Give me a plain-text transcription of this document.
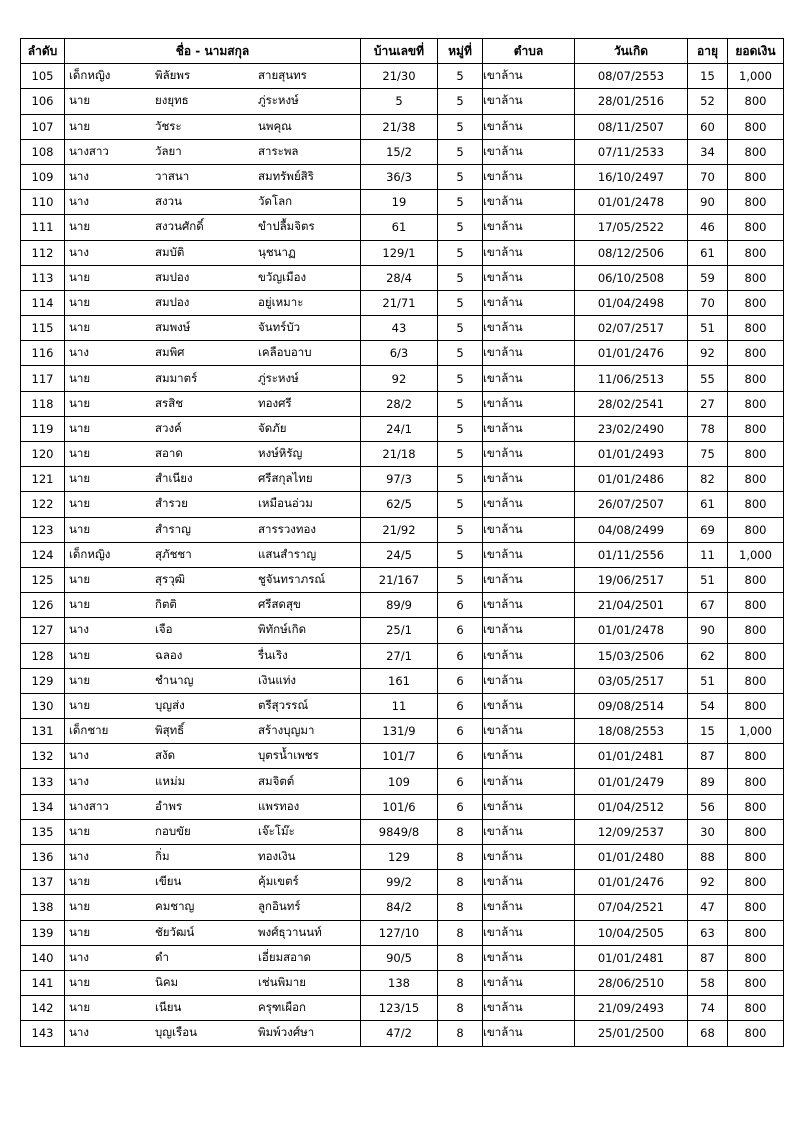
ลำดับ	ชื่อ - นามสกุล	บ้านเลขที่	หมู่ที่	ตำบล	วันเกิด	อายุ	ยอดเงิน
105	เด็กหญิง พิลัยพร สายสุนทร	21/30	5	เขาล้าน	08/07/2553	15	1,000
106	นาย ยงยุทธ ภู่ระหงษ์	5	5	เขาล้าน	28/01/2516	52	800
107	นาย วัชระ นพคุณ	21/38	5	เขาล้าน	08/11/2507	60	800
108	นางสาว วัลยา สาระพล	15/2	5	เขาล้าน	07/11/2533	34	800
109	นาง วาสนา สมทรัพย์สิริ	36/3	5	เขาล้าน	16/10/2497	70	800
110	นาง สงวน วัดโลก	19	5	เขาล้าน	01/01/2478	90	800
111	นาย สงวนศักดิ์ ขำปลื้มจิตร	61	5	เขาล้าน	17/05/2522	46	800
112	นาง สมบัติ นุชนาฏ	129/1	5	เขาล้าน	08/12/2506	61	800
113	นาย สมปอง ขวัญเมือง	28/4	5	เขาล้าน	06/10/2508	59	800
114	นาย สมปอง อยู่เหมาะ	21/71	5	เขาล้าน	01/04/2498	70	800
115	นาย สมพงษ์ จันทร์บัว	43	5	เขาล้าน	02/07/2517	51	800
116	นาง สมพิศ เคลือบอาบ	6/3	5	เขาล้าน	01/01/2476	92	800
117	นาย สมมาตร์ ภู่ระหงษ์	92	5	เขาล้าน	11/06/2513	55	800
118	นาย สรสิช ทองศรี	28/2	5	เขาล้าน	28/02/2541	27	800
119	นาย สวงค์ จัดภัย	24/1	5	เขาล้าน	23/02/2490	78	800
120	นาย สอาด หงษ์หิรัญ	21/18	5	เขาล้าน	01/01/2493	75	800
121	นาย สำเนียง ศรีสกุลไทย	97/3	5	เขาล้าน	01/01/2486	82	800
122	นาย สำรวย เหมือนอ่วม	62/5	5	เขาล้าน	26/07/2507	61	800
123	นาย สำราญ สารรวงทอง	21/92	5	เขาล้าน	04/08/2499	69	800
124	เด็กหญิง สุภัชชา แสนสำราญ	24/5	5	เขาล้าน	01/11/2556	11	1,000
125	นาย สุรวุฒิ ชูจันทราภรณ์	21/167	5	เขาล้าน	19/06/2517	51	800
126	นาย กิตติ ศรีสดสุข	89/9	6	เขาล้าน	21/04/2501	67	800
127	นาง เจือ พิทักษ์เกิด	25/1	6	เขาล้าน	01/01/2478	90	800
128	นาย ฉลอง รื่นเริง	27/1	6	เขาล้าน	15/03/2506	62	800
129	นาย ชำนาญ เงินแท่ง	161	6	เขาล้าน	03/05/2517	51	800
130	นาย บุญส่ง ตรีสุวรรณ์	11	6	เขาล้าน	09/08/2514	54	800
131	เด็กชาย พิสุทธิ์ สร้างบุญมา	131/9	6	เขาล้าน	18/08/2553	15	1,000
132	นาง สงัด บุตรน้ำเพชร	101/7	6	เขาล้าน	01/01/2481	87	800
133	นาง แหม่ม สมจิตต์	109	6	เขาล้าน	01/01/2479	89	800
134	นางสาว อำพร แพรทอง	101/6	6	เขาล้าน	01/04/2512	56	800
135	นาย กอบขัย เจ๊ะโม๊ะ	9849/8	8	เขาล้าน	12/09/2537	30	800
136	นาง กิ่ม ทองเงิน	129	8	เขาล้าน	01/01/2480	88	800
137	นาย เขียน คุ้มเขตร์	99/2	8	เขาล้าน	01/01/2476	92	800
138	นาย คมชาญ ลูกอินทร์	84/2	8	เขาล้าน	07/04/2521	47	800
139	นาย ชัยวัฒน์ พงศ์ธุวานนท์	127/10	8	เขาล้าน	10/04/2505	63	800
140	นาง ดำ เอี่ยมสอาด	90/5	8	เขาล้าน	01/01/2481	87	800
141	นาย นิคม เช่นพิมาย	138	8	เขาล้าน	28/06/2510	58	800
142	นาย เนียน ครุฑเผือก	123/15	8	เขาล้าน	21/09/2493	74	800
143	นาง บุญเรือน พิมพ์วงศ์ษา	47/2	8	เขาล้าน	25/01/2500	68	800
